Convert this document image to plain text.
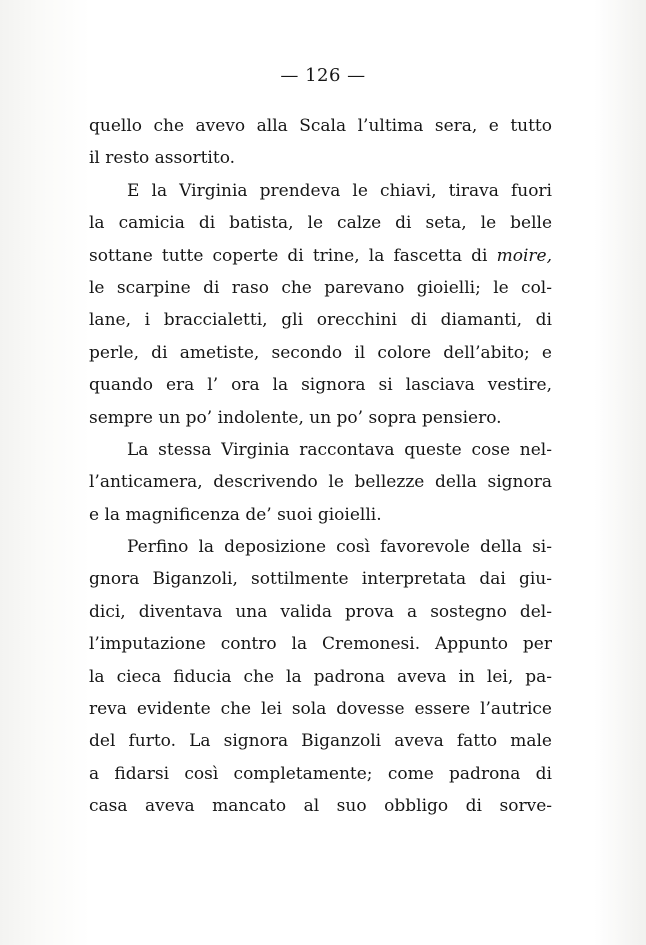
— 126 —
quello che avevo alla Scala l’ultima sera, e tutto
il resto assortito.
E la Virginia prendeva le chiavi, tirava fuori
la camicia di batista, le calze di seta, le belle
sottane tutte coperte di trine, la fascetta di moire,
le scarpine di raso che parevano gioielli; le col-
lane, i braccialetti, gli orecchini di diamanti, di
perle, di ametiste, secondo il colore dell’abito; e
quando era l’ ora la signora si lasciava vestire,
sempre un po’ indolente, un po’ sopra pensiero.
La stessa Virginia raccontava queste cose nel-
l’anticamera, descrivendo le bellezze della signora
e la magnificenza de’ suoi gioielli.
Perfino la deposizione così favorevole della si-
gnora Biganzoli, sottilmente interpretata dai giu-
dici, diventava una valida prova a sostegno del-
l’imputazione contro la Cremonesi. Appunto per
la cieca fiducia che la padrona aveva in lei, pa-
reva evidente che lei sola dovesse essere l’autrice
del furto. La signora Biganzoli aveva fatto male
a fidarsi così completamente; come padrona di
casa aveva mancato al suo obbligo di sorve-
